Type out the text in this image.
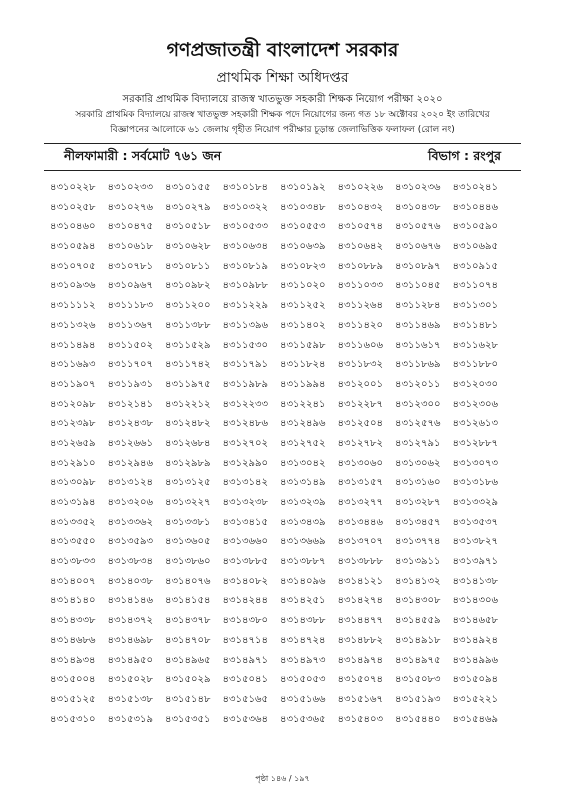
গণপ্রজাতন্ত্রী বাংলাদেশ সরকার
প্রাথমিক শিক্ষা অধিদপ্তর
সরকারি প্রাথমিক বিদ্যালয়ে রাজস্ব খাতভুক্ত সহকারী শিক্ষক নিয়োগ পরীক্ষা ২০২০
সরকারি প্রাথমিক বিদ্যালয়ে রাজস্ব খাতভুক্ত সহকারী শিক্ষক পদে নিয়োগের জন্য গত ১৮ অক্টোবর ২০২০ ইং তারিখের
বিজ্ঞাপনের আলোকে ৬১ জেলায় গৃহীত নিয়োগ পরীক্ষার চূড়ান্ত জেলাভিত্তিক ফলাফল (রোল নং)
নীলফামারী : সর্বমোট ৭৬১ জন	বিভাগ : রংপুর
৪৩১০২২৮	৪৩১০২৩৩	৪৩১০১৫৫	৪৩১০১৮৪	৪৩১০১৯২	৪৩১০২২৬	৪৩১০২৩৬	৪৩১০২৪১
৪৩১০২৫৮	৪৩১০২৭৬	৪৩১০২৭৯	৪৩১০৩২২	৪৩১০৩৪৮	৪৩১০৪৩২	৪৩১০৪৩৮	৪৩১০৪৪৬
৪৩১০৪৬০	৪৩১০৪৭৫	৪৩১০৫১৮	৪৩১০৫৩৩	৪৩১০৫৫৩	৪৩১০৫৭৪	৪৩১০৫৭৬	৪৩১০৫৯০
৪৩১০৫৯৪	৪৩১০৬১৮	৪৩১০৬২৮	৪৩১০৬৩৪	৪৩১০৬৩৯	৪৩১০৬৪২	৪৩১০৬৭৬	৪৩১০৬৯৫
৪৩১০৭০৫	৪৩১০৭৮১	৪৩১০৮১১	৪৩১০৮১৯	৪৩১০৮২৩	৪৩১০৮৮৯	৪৩১০৮৯৭	৪৩১০৯১৫
৪৩১০৯৩৬	৪৩১০৯৬৭	৪৩১০৯৮২	৪৩১০৯৮৮	৪৩১১০২০	৪৩১১০৩৩	৪৩১১০৪৫	৪৩১১০৭৪
৪৩১১১১২	৪৩১১১৮৩	৪৩১১২০০	৪৩১১২২৯	৪৩১১২৫২	৪৩১১২৬৪	৪৩১১২৮৪	৪৩১১৩০১
৪৩১১৩২৬	৪৩১১৩৬৭	৪৩১১৩৮৮	৪৩১১৩৯৬	৪৩১১৪০২	৪৩১১৪২০	৪৩১১৪৬৯	৪৩১১৪৮১
৪৩১১৪৯৪	৪৩১১৫০২	৪৩১১৫২৯	৪৩১১৫৩০	৪৩১১৫৯৮	৪৩১১৬০৬	৪৩১১৬১৭	৪৩১১৬২৮
৪৩১১৬৯৩	৪৩১১৭০৭	৪৩১১৭৪২	৪৩১১৭৯১	৪৩১১৮২৪	৪৩১১৮৩২	৪৩১১৮৬৯	৪৩১১৮৮০
৪৩১১৯০৭	৪৩১১৯৩১	৪৩১১৯৭৫	৪৩১১৯৮৯	৪৩১১৯৯৪	৪৩১২০০১	৪৩১২০১১	৪৩১২০৩০
৪৩১২০৯৮	৪৩১২১৪১	৪৩১২২১২	৪৩১২২৩৩	৪৩১২২৪১	৪৩১২২৮৭	৪৩১২৩০০	৪৩১২৩০৬
৪৩১২৩৯৮	৪৩১২৪৩৮	৪৩১২৪৮২	৪৩১২৪৮৬	৪৩১২৪৯৬	৪৩১২৫০৪	৪৩১২৫৭৬	৪৩১২৬১৩
৪৩১২৬৫৯	৪৩১২৬৬১	৪৩১২৬৮৪	৪৩১২৭০২	৪৩১২৭৫২	৪৩১২৭৮২	৪৩১২৭৯১	৪৩১২৮৮৭
৪৩১২৯১০	৪৩১২৯৪৬	৪৩১২৯৮৯	৪৩১২৯৯০	৪৩১৩০৪২	৪৩১৩০৬০	৪৩১৩০৬২	৪৩১৩০৭৩
৪৩১৩০৯৮	৪৩১৩১২৪	৪৩১৩১২৫	৪৩১৩১৪২	৪৩১৩১৪৯	৪৩১৩১৫৭	৪৩১৩১৬০	৪৩১৩১৮৬
৪৩১৩১৯৪	৪৩১৩২০৬	৪৩১৩২২৭	৪৩১৩২৩৮	৪৩১৩২৩৯	৪৩১৩২৭৭	৪৩১৩২৮৭	৪৩১৩৩২৯
৪৩১৩৩৫২	৪৩১৩৩৬২	৪৩১৩৩৮১	৪৩১৩৪১৫	৪৩১৩৪৩৯	৪৩১৩৪৪৬	৪৩১৩৪৫৭	৪৩১৩৫৩৭
৪৩১৩৫৫০	৪৩১৩৫৯৩	৪৩১৩৬০৫	৪৩১৩৬৬০	৪৩১৩৬৬৯	৪৩১৩৭০৭	৪৩১৩৭৭৪	৪৩১৩৮২৭
৪৩১৩৮৩৩	৪৩১৩৮৩৪	৪৩১৩৮৬০	৪৩১৩৮৮৫	৪৩১৩৮৮৭	৪৩১৩৮৮৮	৪৩১৩৯১১	৪৩১৩৯৭১
৪৩১৪০০৭	৪৩১৪০৩৮	৪৩১৪০৭৬	৪৩১৪০৮২	৪৩১৪০৯৬	৪৩১৪১২১	৪৩১৪১৩২	৪৩১৪১৩৮
৪৩১৪১৪০	৪৩১৪১৪৬	৪৩১৪১৫৪	৪৩১৪২৪৪	৪৩১৪২৫১	৪৩১৪২৭৪	৪৩১৪৩০৮	৪৩১৪৩০৬
৪৩১৪৩৩৮	৪৩১৪৩৭২	৪৩১৪৩৭৮	৪৩১৪৩৮০	৪৩১৪৩৮৮	৪৩১৪৪৭৭	৪৩১৪৫৫৯	৪৩১৪৬৫৮
৪৩১৪৬৮৬	৪৩১৪৬৯৮	৪৩১৪৭০৮	৪৩১৪৭১৪	৪৩১৪৭২৪	৪৩১৪৮৮২	৪৩১৪৯১৮	৪৩১৪৯২৪
৪৩১৪৯৩৪	৪৩১৪৯৫০	৪৩১৪৯৬৫	৪৩১৪৯৭১	৪৩১৪৯৭৩	৪৩১৪৯৭৪	৪৩১৪৯৭৫	৪৩১৪৯৯৬
৪৩১৫০০৪	৪৩১৫০২৮	৪৩১৫০২৯	৪৩১৫০৪১	৪৩১৫০৫৩	৪৩১৫০৭৪	৪৩১৫০৮৩	৪৩১৫০৯৪
৪৩১৫১২৫	৪৩১৫১৩৮	৪৩১৫১৪৮	৪৩১৫১৬৫	৪৩১৫১৬৬	৪৩১৫১৬৭	৪৩১৫১৯৩	৪৩১৫২২১
৪৩১৫৩১০	৪৩১৫৩১৯	৪৩১৫৩৫১	৪৩১৫৩৬৪	৪৩১৫৩৬৫	৪৩১৫৪০৩	৪৩১৫৪৪০	৪৩১৫৪৬৯
পৃষ্ঠা ১৪৬ / ১৯৭
